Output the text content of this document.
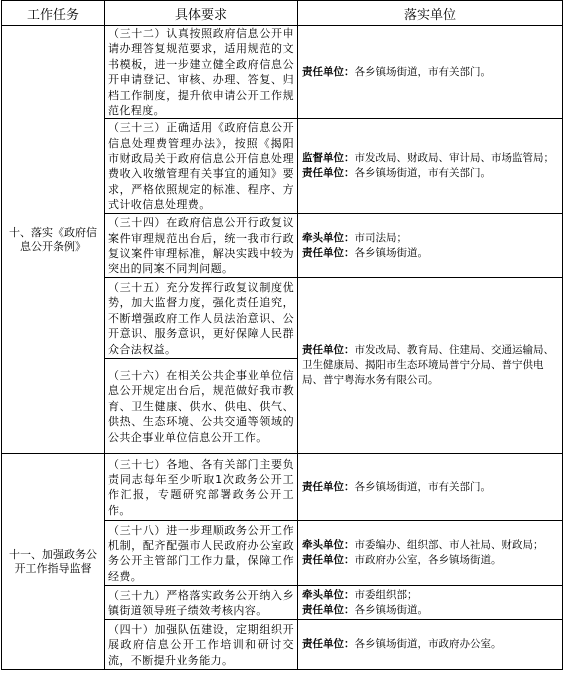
工作任务	具体要求	落实单位
十、落实《政府信息公开条例》	（三十二）认真按照政府信息公开申请办理答复规范要求，适用规范的文书模板，进一步建立健全政府信息公开申请登记、审核、办理、答复、归档工作制度，提升依申请公开工作规范化程度。	责任单位：各乡镇场街道，市有关部门。

	（三十三）正确适用《政府信息公开信息处理费管理办法》，按照《揭阳市财政局关于政府信息公开信息处理费收入收缴管理有关事宜的通知》要求，严格依照规定的标准、程序、方式计收信息处理费。	监督单位：市发改局、财政局、审计局、市场监管局；
责任单位：各乡镇场街道，市有关部门。

	（三十四）在政府信息公开行政复议案件审理规范出台后，统一我市行政复议案件审理标准，解决实践中较为突出的同案不同判问题。	牵头单位：市司法局；
责任单位：各乡镇场街道。

	（三十五）充分发挥行政复议制度优势，加大监督力度，强化责任追究，不断增强政府工作人员法治意识、公开意识、服务意识，更好保障人民群众合法权益。	责任单位：市发改局、教育局、住建局、交通运输局、卫生健康局、揭阳市生态环境局普宁分局、普宁供电局、普宁粤海水务有限公司。

	（三十六）在相关公共企事业单位信息公开规定出台后，规范做好我市教育、卫生健康、供水、供电、供气、供热、生态环境、公共交通等领域的公共企事业单位信息公开工作。	
十一、加强政务公开工作指导监督	（三十七）各地、各有关部门主要负责同志每年至少听取1次政务公开工作汇报，专题研究部署政务公开工作。	责任单位：各乡镇场街道，市有关部门。

	（三十八）进一步理顺政务公开工作机制，配齐配强市人民政府办公室政务公开主管部门工作力量，保障工作经费。	牵头单位：市委编办、组织部、市人社局、财政局；
责任单位：市政府办公室，各乡镇场街道。

	（三十九）严格落实政务公开纳入乡镇街道领导班子绩效考核内容。	牵头单位：市委组织部；
责任单位：各乡镇场街道。

	（四十）加强队伍建设，定期组织开展政府信息公开工作培训和研讨交流，不断提升业务能力。	责任单位：各乡镇场街道，市政府办公室。
